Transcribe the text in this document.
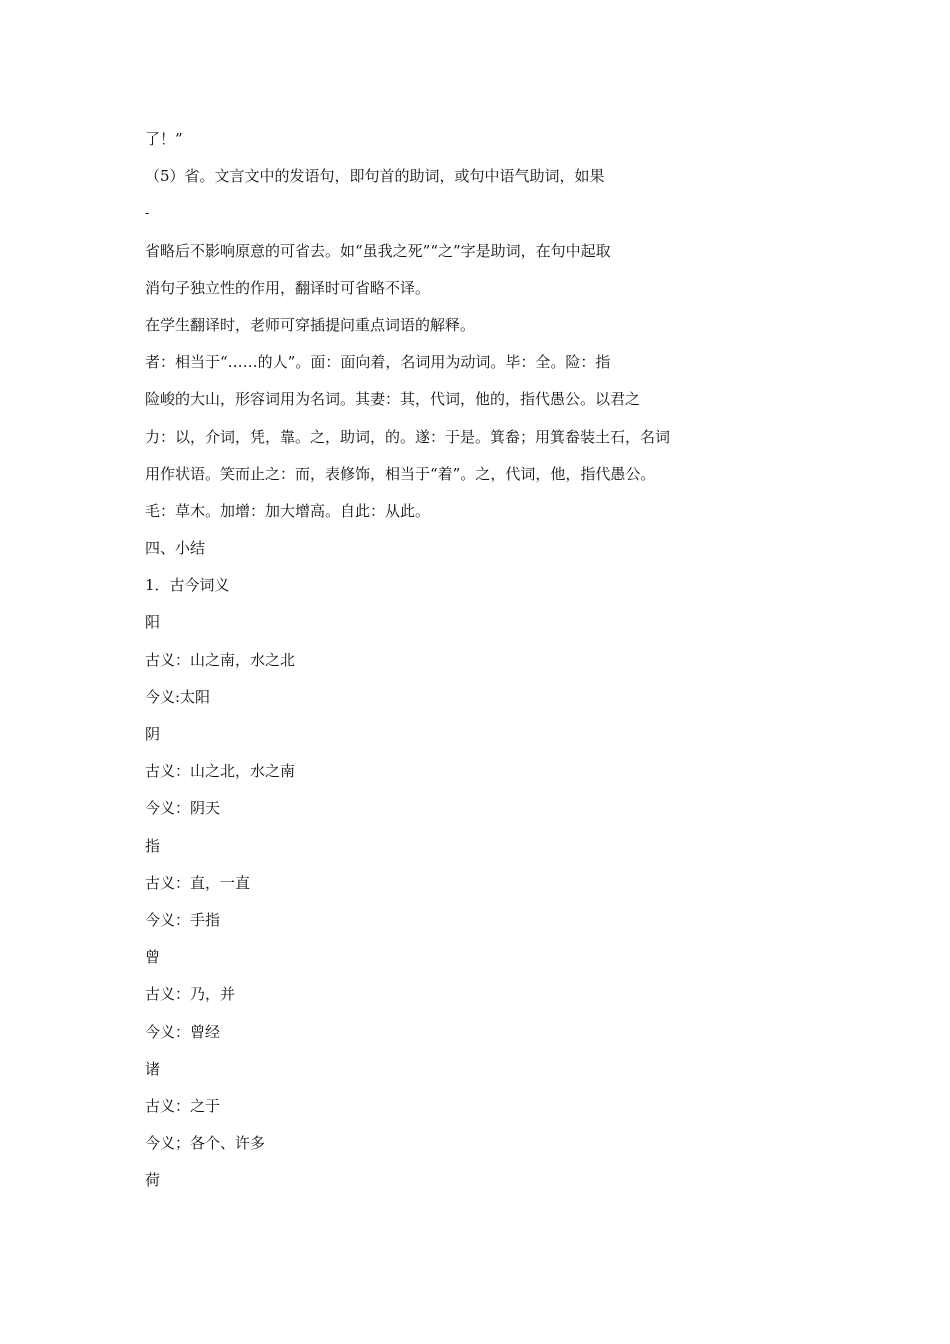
了！”
（5）省。文言文中的发语句，即句首的助词，或句中语气助词，如果
-
省略后不影响原意的可省去。如“虽我之死”“之”字是助词，在句中起取
消句子独立性的作用，翻译时可省略不译。
在学生翻译时，老师可穿插提问重点词语的解释。
者：相当于“……的人”。面：面向着，名词用为动词。毕：全。险：指
险峻的大山，形容词用为名词。其妻：其，代词，他的，指代愚公。以君之
力：以，介词，凭，靠。之，助词，的。遂：于是。箕畚；用箕畚装土石，名词
用作状语。笑而止之：而，表修饰，相当于“着”。之，代词，他，指代愚公。
毛：草木。加增：加大增高。自此：从此。
四、小结
1．古今词义
阳
古义：山之南，水之北
今义:太阳
阴
古义：山之北，水之南
今义：阴天
指
古义：直，一直
今义：手指
曾
古义：乃，并
今义：曾经
诸
古义：之于
今义；各个、许多
荷
